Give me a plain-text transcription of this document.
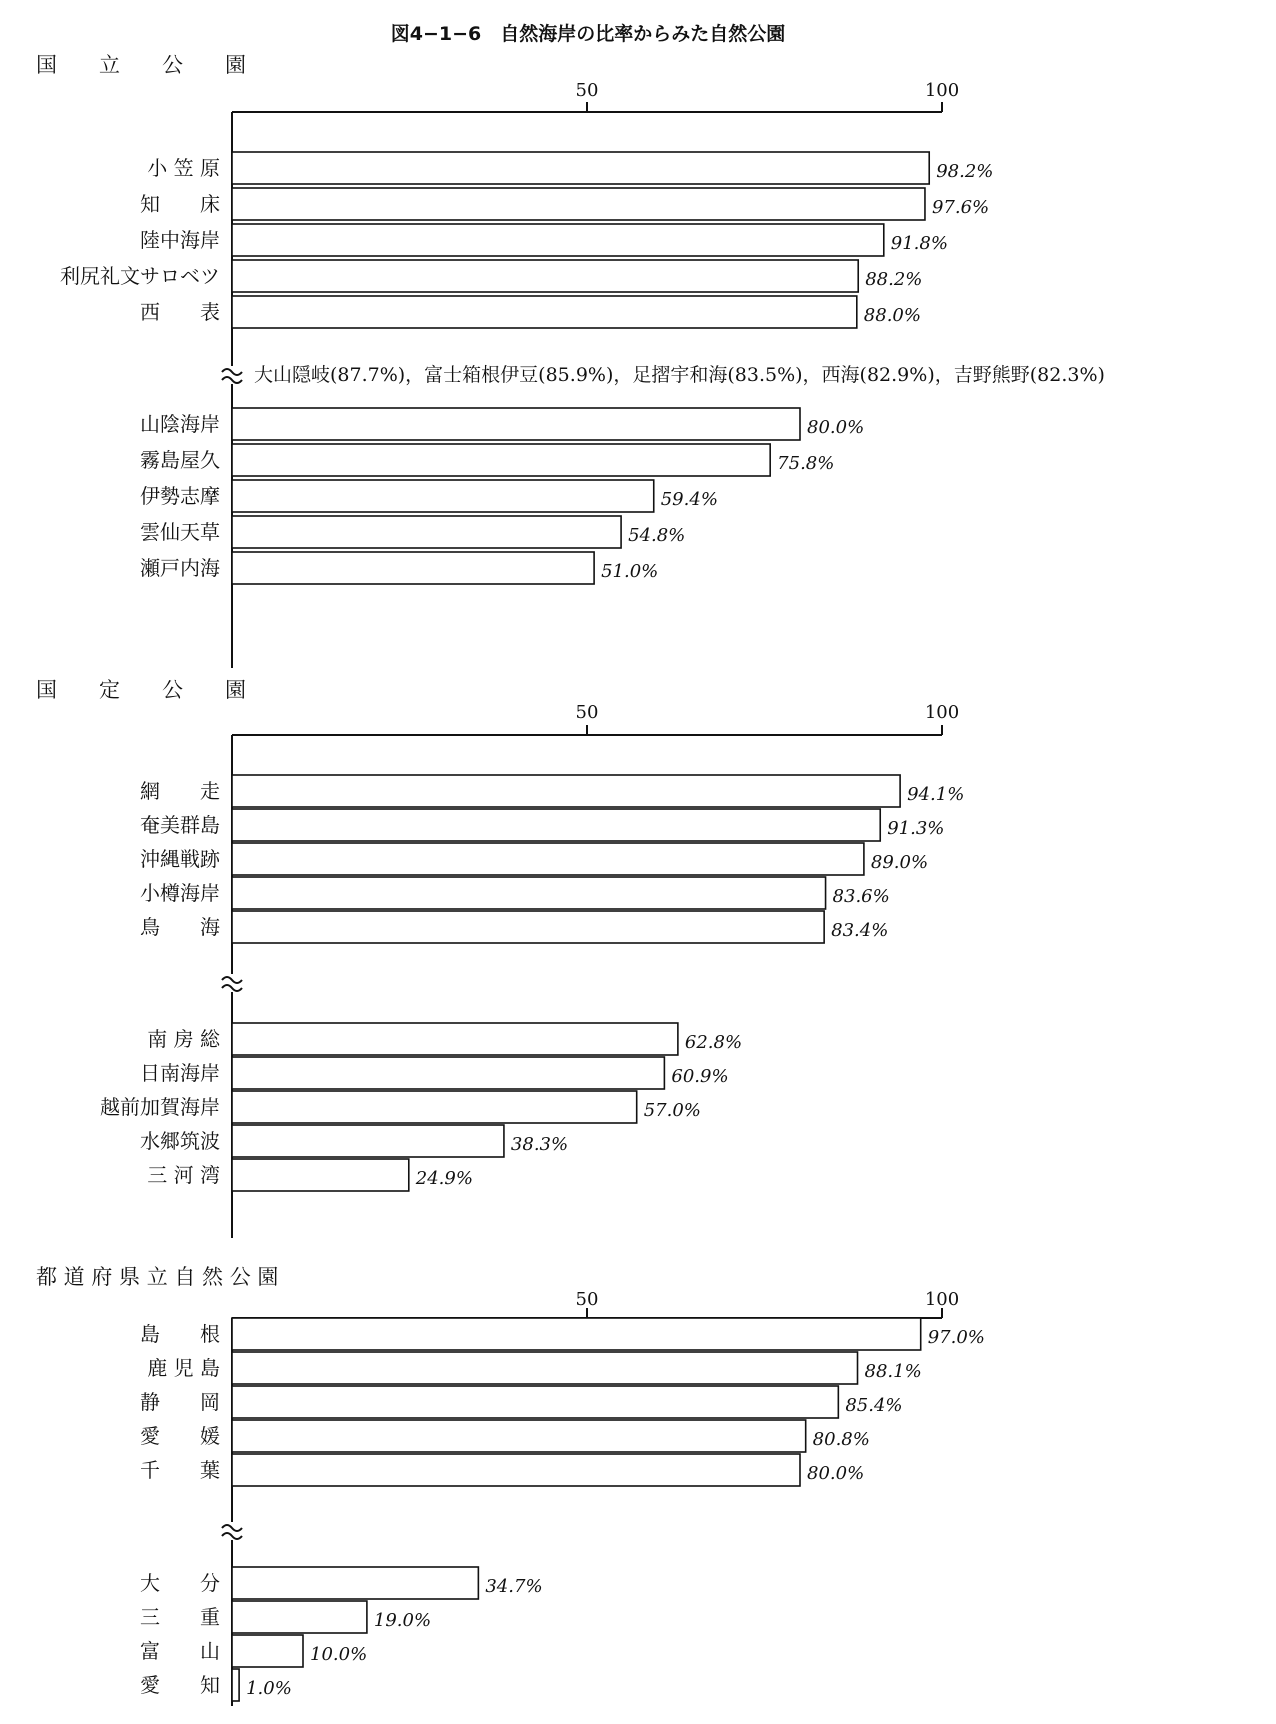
図4−1−6　自然海岸の比率からみた自然公園
国　　立　　公　　園
50	100
小 笠 原	98.2%
知　　床	97.6%
陸中海岸	91.8%
利尻礼文サロベツ	88.2%
西　　表	88.0%
山陰海岸	80.0%
霧島屋久	75.8%
伊勢志摩	59.4%
雲仙天草	54.8%
瀬戸内海	51.0%
大山隠岐(87.7%)，富士箱根伊豆(85.9%)，足摺宇和海(83.5%)，西海(82.9%)，吉野熊野(82.3%)
国　　定　　公　　園
50	100
網　　走	94.1%
奄美群島	91.3%
沖縄戦跡	89.0%
小樽海岸	83.6%
鳥　　海	83.4%
南 房 総	62.8%
日南海岸	60.9%
越前加賀海岸	57.0%
水郷筑波	38.3%
三 河 湾	24.9%
都 道 府 県 立 自 然 公 園
50	100
島　　根	97.0%
鹿 児 島	88.1%
静　　岡	85.4%
愛　　媛	80.8%
千　　葉	80.0%
大　　分	34.7%
三　　重	19.0%
富　　山	10.0%
愛　　知 1.0%
